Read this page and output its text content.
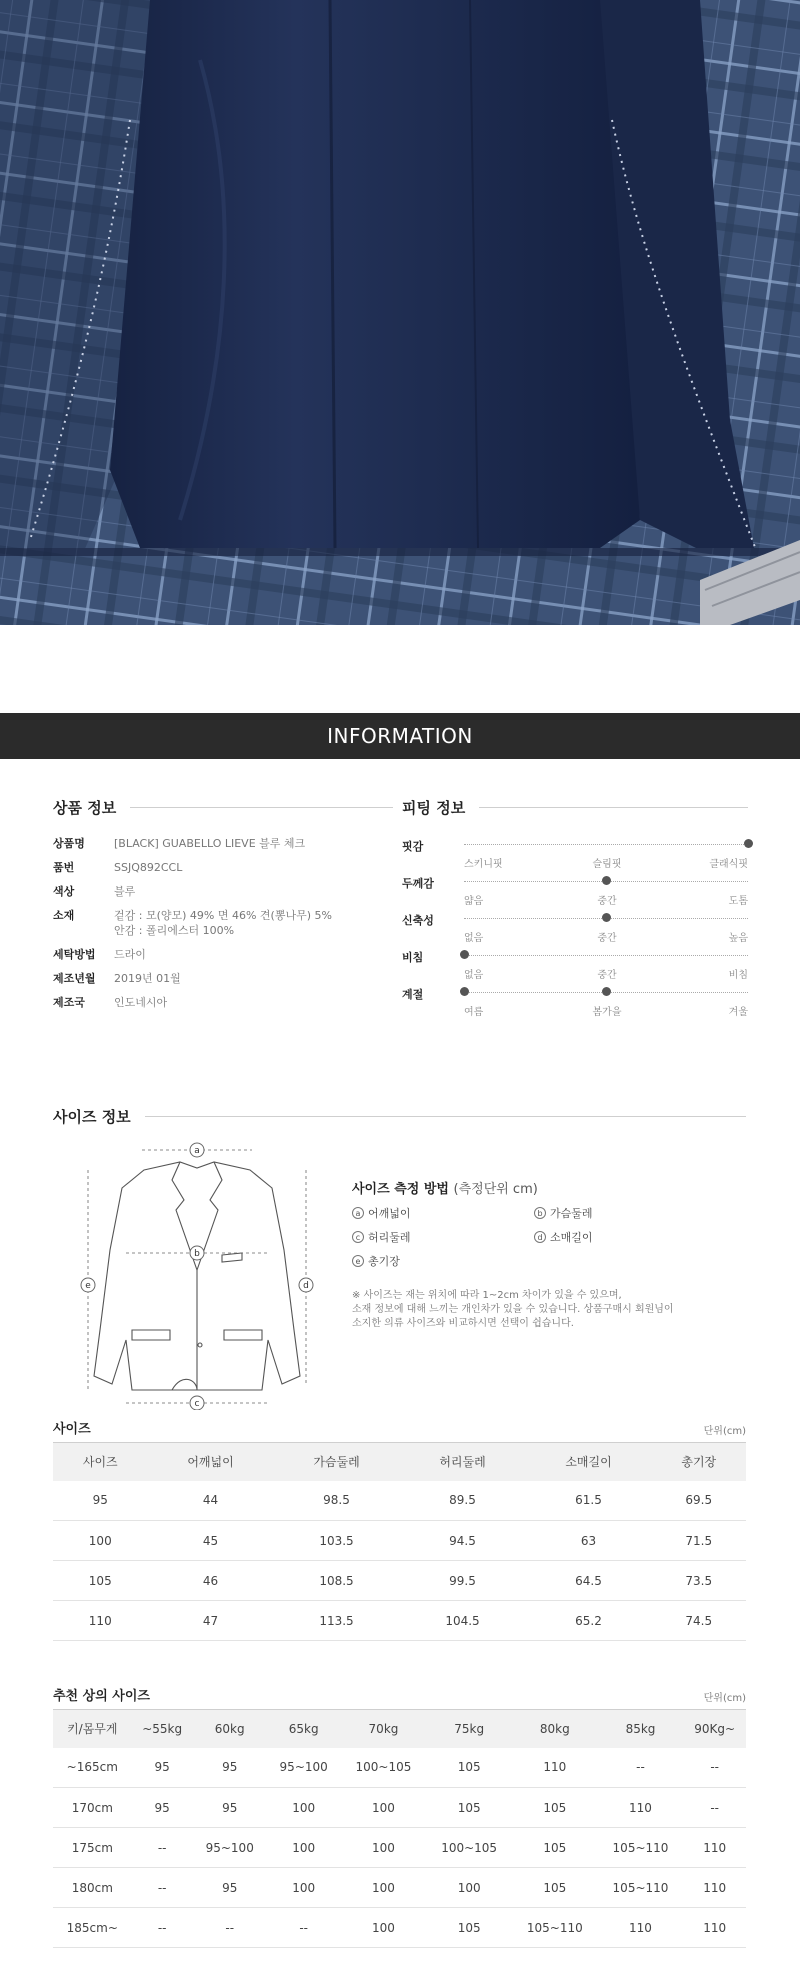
INFORMATION
상품 정보
상품명	[BLACK] GUABELLO LIEVE 블루 체크
품번	SSJQ892CCL
색상	블루
소재	겉감 : 모(양모) 49% 면 46% 견(뽕나무) 5%
안감 : 폴리에스터 100%
세탁방법	드라이
제조년월	2019년 01월
제조국	인도네시아
피팅 정보
핏감
스키니핏	슬림핏	클래식핏
두께감
얇음	중간	도톰
신축성
없음	중간	높음
비침
없음	중간	비침
계절
여름	봄가을	겨울
사이즈 정보
a
b
c
d
e
사이즈 측정 방법 (측정단위 cm)
a 어깨넓이	b 가슴둘레
c 허리둘레	d 소매길이
e 총기장
※ 사이즈는 재는 위치에 따라 1~2cm 차이가 있을 수 있으며,
소재 정보에 대해 느끼는 개인차가 있을 수 있습니다. 상품구매시 회원님이
소지한 의류 사이즈와 비교하시면 선택이 쉽습니다.
사이즈	단위(cm)
사이즈	어깨넓이	가슴둘레	허리둘레	소매길이	총기장
95	44	98.5	89.5	61.5	69.5
100	45	103.5	94.5	63	71.5
105	46	108.5	99.5	64.5	73.5
110	47	113.5	104.5	65.2	74.5
추천 상의 사이즈	단위(cm)
키/몸무게	~55kg	60kg	65kg	70kg	75kg	80kg	85kg	90Kg~
~165cm	95	95	95~100	100~105	105	110	--	--
170cm	95	95	100	100	105	105	110	--
175cm	--	95~100	100	100	100~105	105	105~110	110
180cm	--	95	100	100	100	105	105~110	110
185cm~	--	--	--	100	105	105~110	110	110
